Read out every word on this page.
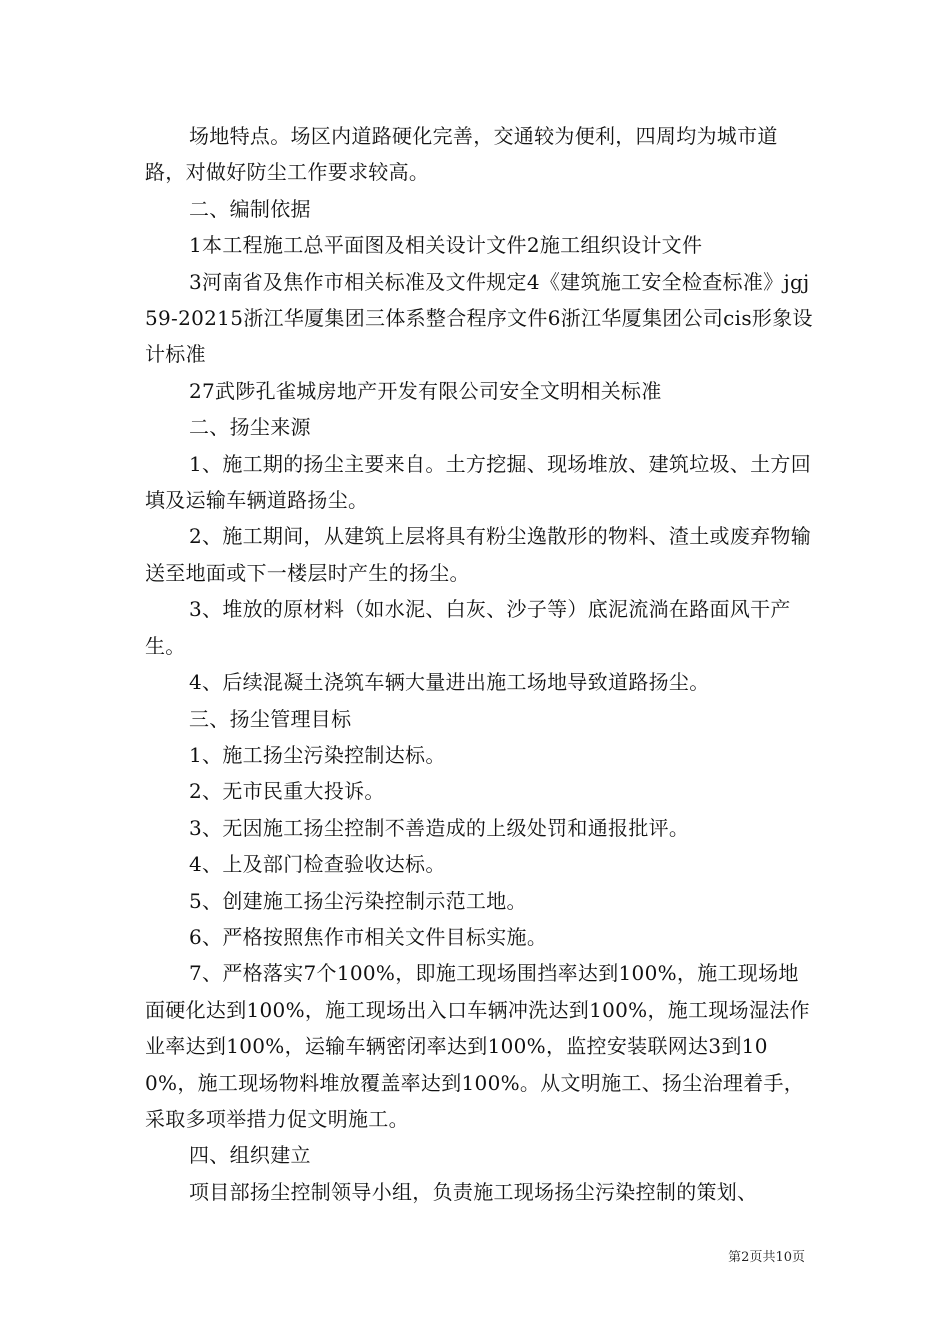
场地特点。场区内道路硬化完善，交通较为便利，四周均为城市道路，对做好防尘工作要求较高。

二、编制依据

1本工程施工总平面图及相关设计文件2施工组织设计文件

3河南省及焦作市相关标准及文件规定4《建筑施工安全检查标准》jgj59-20215浙江华厦集团三体系整合程序文件6浙江华厦集团公司cis形象设计标准

27武陟孔雀城房地产开发有限公司安全文明相关标准

二、扬尘来源

1、施工期的扬尘主要来自。土方挖掘、现场堆放、建筑垃圾、土方回填及运输车辆道路扬尘。

2、施工期间，从建筑上层将具有粉尘逸散形的物料、渣土或废弃物输送至地面或下一楼层时产生的扬尘。

3、堆放的原材料（如水泥、白灰、沙子等）底泥流淌在路面风干产生。

4、后续混凝土浇筑车辆大量进出施工场地导致道路扬尘。

三、扬尘管理目标

1、施工扬尘污染控制达标。

2、无市民重大投诉。

3、无因施工扬尘控制不善造成的上级处罚和通报批评。

4、上及部门检查验收达标。

5、创建施工扬尘污染控制示范工地。

6、严格按照焦作市相关文件目标实施。

7、严格落实7个100%，即施工现场围挡率达到100%，施工现场地面硬化达到100%，施工现场出入口车辆冲洗达到100%，施工现场湿法作业率达到100%，运输车辆密闭率达到100%，监控安装联网达3到100%，施工现场物料堆放覆盖率达到100%。从文明施工、扬尘治理着手，采取多项举措力促文明施工。

四、组织建立

项目部扬尘控制领导小组，负责施工现场扬尘污染控制的策划、

第2页共10页
